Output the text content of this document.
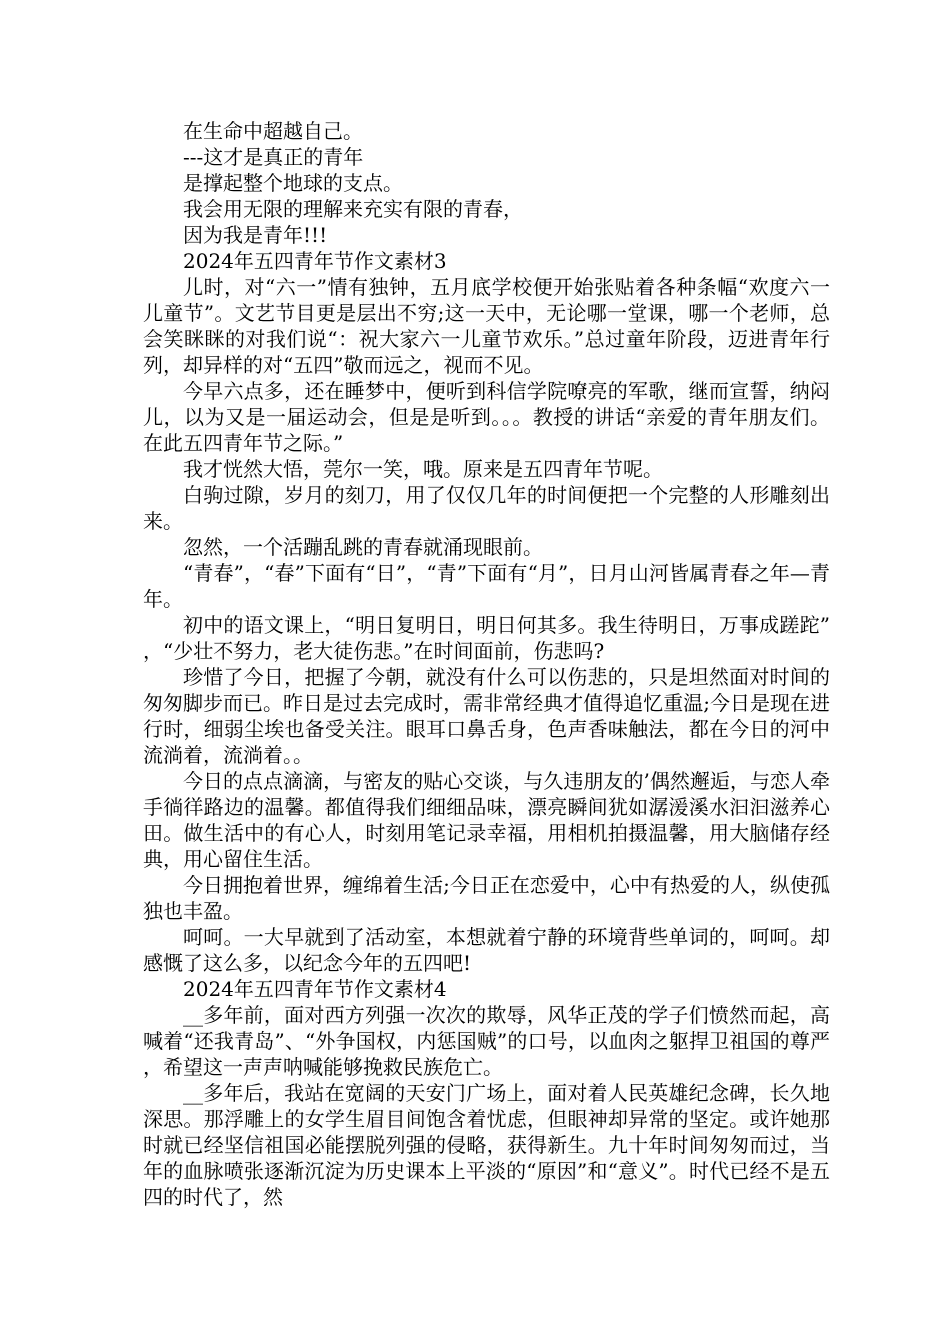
在生命中超越自己。

---这才是真正的青年

是撑起整个地球的支点。

我会用无限的理解来充实有限的青春，

因为我是青年!!!

2024年五四青年节作文素材3

儿时，对“六一”情有独钟，五月底学校便开始张贴着各种条幅“欢度六一儿童节”。文艺节目更是层出不穷;这一天中，无论哪一堂课，哪一个老师，总会笑眯眯的对我们说“：祝大家六一儿童节欢乐。”总过童年阶段，迈进青年行列，却异样的对“五四”敬而远之，视而不见。

今早六点多，还在睡梦中，便听到科信学院嘹亮的军歌，继而宣誓，纳闷儿，以为又是一届运动会，但是是听到。。。教授的讲话“亲爱的青年朋友们。在此五四青年节之际。”

我才恍然大悟，莞尔一笑，哦。原来是五四青年节呢。

白驹过隙，岁月的刻刀，用了仅仅几年的时间便把一个完整的人形雕刻出来。

忽然，一个活蹦乱跳的青春就涌现眼前。

“青春”，“春”下面有“日”，“青”下面有“月”，日月山河皆属青春之年—青年。

初中的语文课上，“明日复明日，明日何其多。我生待明日，万事成蹉跎”，“少壮不努力，老大徒伤悲。”在时间面前，伤悲吗?

珍惜了今日，把握了今朝，就没有什么可以伤悲的，只是坦然面对时间的匆匆脚步而已。昨日是过去完成时，需非常经典才值得追忆重温;今日是现在进行时，细弱尘埃也备受关注。眼耳口鼻舌身，色声香味触法，都在今日的河中流淌着，流淌着。。

今日的点点滴滴，与密友的贴心交谈，与久违朋友的’偶然邂逅，与恋人牵手徜徉路边的温馨。都值得我们细细品味，漂亮瞬间犹如潺湲溪水汩汩滋养心田。做生活中的有心人，时刻用笔记录幸福，用相机拍摄温馨，用大脑储存经典，用心留住生活。

今日拥抱着世界，缠绵着生活;今日正在恋爱中，心中有热爱的人，纵使孤独也丰盈。

呵呵。一大早就到了活动室，本想就着宁静的环境背些单词的，呵呵。却感慨了这么多，以纪念今年的五四吧!

2024年五四青年节作文素材4

__多年前，面对西方列强一次次的欺辱，风华正茂的学子们愤然而起，高喊着“还我青岛”、“外争国权，内惩国贼”的口号，以血肉之躯捍卫祖国的尊严，希望这一声声呐喊能够挽救民族危亡。

__多年后，我站在宽阔的天安门广场上，面对着人民英雄纪念碑，长久地深思。那浮雕上的女学生眉目间饱含着忧虑，但眼神却异常的坚定。或许她那时就已经坚信祖国必能摆脱列强的侵略，获得新生。九十年时间匆匆而过，当年的血脉喷张逐渐沉淀为历史课本上平淡的“原因”和“意义”。时代已经不是五四的时代了，然
